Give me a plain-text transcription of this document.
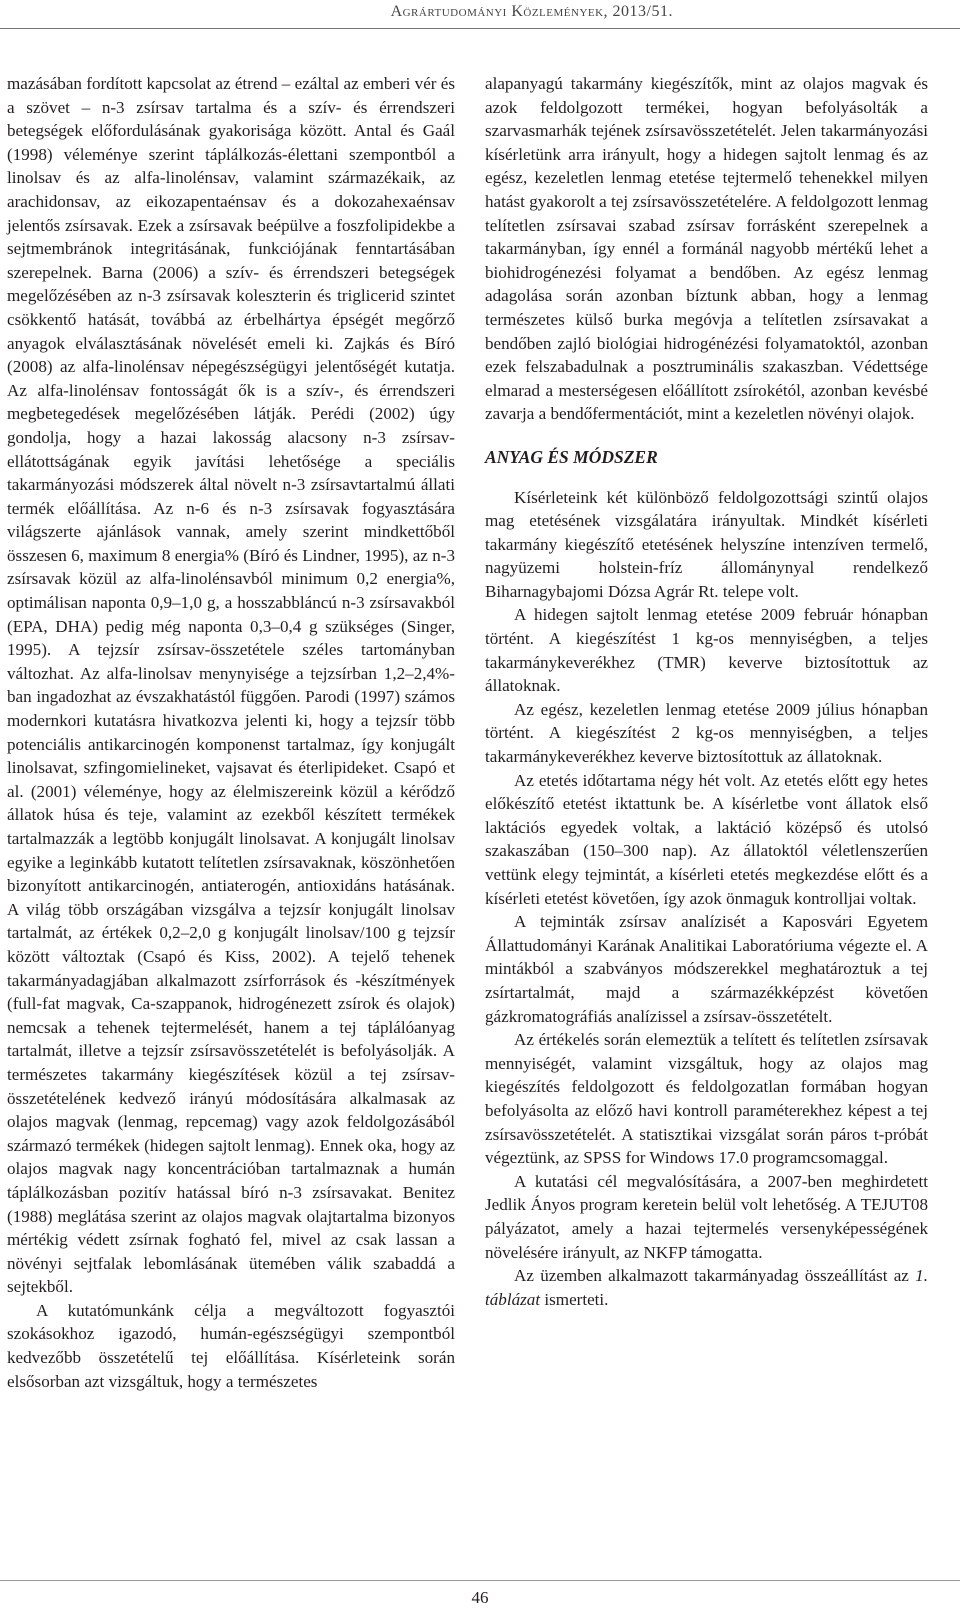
Agrártudományi Közlemények, 2013/51.

mazásában fordított kapcsolat az étrend – ezáltal az emberi vér és a szövet – n-3 zsírsav tartalma és a szív- és érrendszeri betegségek előfordulásának gyakorisága között. Antal és Gaál (1998) véleménye szerint táplálkozás-élettani szempontból a linolsav és az alfa-linolénsav, valamint származékaik, az arachidonsav, az eikozapentaénsav és a dokozahexaénsav jelentős zsírsavak. Ezek a zsírsavak beépülve a foszfolipidekbe a sejtmembránok integritásának, funkciójának fenntartásában szerepelnek. Barna (2006) a szív- és érrendszeri betegségek megelőzésében az n-3 zsírsavak koleszterin és triglicerid szintet csökkentő hatását, továbbá az érbelhártya épségét megőrző anyagok elválasztásának növelését emeli ki. Zajkás és Bíró (2008) az alfa-linolénsav népegészségügyi jelentőségét kutatja. Az alfa-linolénsav fontosságát ők is a szív-, és érrendszeri megbetegedések megelőzésében látják. Perédi (2002) úgy gondolja, hogy a hazai lakosság alacsony n-3 zsírsav-ellátottságának egyik javítási lehetősége a speciális takarmányozási módszerek által növelt n-3 zsírsavtartalmú állati termék előállítása. Az n-6 és n-3 zsírsavak fogyasztására világszerte ajánlások vannak, amely szerint mindkettőből összesen 6, maximum 8 energia% (Bíró és Lindner, 1995), az n-3 zsírsavak közül az alfa-linolénsavból minimum 0,2 energia%, optimálisan naponta 0,9–1,0 g, a hosszabbláncú n-3 zsírsavakból (EPA, DHA) pedig még naponta 0,3–0,4 g szükséges (Singer, 1995). A tejzsír zsírsav-összetétele széles tartományban változhat. Az alfa-linolsav menynyisége a tejzsírban 1,2–2,4%-ban ingadozhat az évszakhatástól függően. Parodi (1997) számos modernkori kutatásra hivatkozva jelenti ki, hogy a tejzsír több potenciális antikarcinogén komponenst tartalmaz, így konjugált linolsavat, szfingomielineket, vajsavat és éterlipideket. Csapó et al. (2001) véleménye, hogy az élelmiszereink közül a kérődző állatok húsa és teje, valamint az ezekből készített termékek tartalmazzák a legtöbb konjugált linolsavat. A konjugált linolsav egyike a leginkább kutatott telítetlen zsírsavaknak, köszönhetően bizonyított antikarcinogén, antiaterogén, antioxidáns hatásának. A világ több országában vizsgálva a tejzsír konjugált linolsav tartalmát, az értékek 0,2–2,0 g konjugált linolsav/100 g tejzsír között változtak (Csapó és Kiss, 2002). A tejelő tehenek takarmányadagjában alkalmazott zsírforrások és -készítmények (full-fat magvak, Ca-szappanok, hidrogénezett zsírok és olajok) nemcsak a tehenek tejtermelését, hanem a tej táplálóanyag tartalmát, illetve a tejzsír zsírsavösszetételét is befolyásolják. A természetes takarmány kiegészítések közül a tej zsírsav-összetételének kedvező irányú módosítására alkalmasak az olajos magvak (lenmag, repcemag) vagy azok feldolgozásából származó termékek (hidegen sajtolt lenmag). Ennek oka, hogy az olajos magvak nagy koncentrációban tartalmaznak a humán táplálkozásban pozitív hatással bíró n-3 zsírsavakat. Benitez (1988) meglátása szerint az olajos magvak olajtartalma bizonyos mértékig védett zsírnak fogható fel, mivel az csak lassan a növényi sejtfalak lebomlásának ütemében válik szabaddá a sejtekből.

A kutatómunkánk célja a megváltozott fogyasztói szokásokhoz igazodó, humán-egészségügyi szempontból kedvezőbb összetételű tej előállítása. Kísérleteink során elsősorban azt vizsgáltuk, hogy a természetes

alapanyagú takarmány kiegészítők, mint az olajos magvak és azok feldolgozott termékei, hogyan befolyásolták a szarvasmarhák tejének zsírsavösszetételét. Jelen takarmányozási kísérletünk arra irányult, hogy a hidegen sajtolt lenmag és az egész, kezeletlen lenmag etetése tejtermelő tehenekkel milyen hatást gyakorolt a tej zsírsavösszetételére. A feldolgozott lenmag telítetlen zsírsavai szabad zsírsav forrásként szerepelnek a takarmányban, így ennél a formánál nagyobb mértékű lehet a biohidrogénezési folyamat a bendőben. Az egész lenmag adagolása során azonban bíztunk abban, hogy a lenmag természetes külső burka megóvja a telítetlen zsírsavakat a bendőben zajló biológiai hidrogénézési folyamatoktól, azonban ezek felszabadulnak a posztruminális szakaszban. Védettsége elmarad a mesterségesen előállított zsírokétól, azonban kevésbé zavarja a bendőfermentációt, mint a kezeletlen növényi olajok.

ANYAG ÉS MÓDSZER

Kísérleteink két különböző feldolgozottsági szintű olajos mag etetésének vizsgálatára irányultak. Mindkét kísérleti takarmány kiegészítő etetésének helyszíne intenzíven termelő, nagyüzemi holstein-fríz állománynyal rendelkező Biharnagybajomi Dózsa Agrár Rt. telepe volt.

A hidegen sajtolt lenmag etetése 2009 február hónapban történt. A kiegészítést 1 kg-os mennyiségben, a teljes takarmánykeverékhez (TMR) keverve biztosítottuk az állatoknak.

Az egész, kezeletlen lenmag etetése 2009 július hónapban történt. A kiegészítést 2 kg-os mennyiségben, a teljes takarmánykeverékhez keverve biztosítottuk az állatoknak.

Az etetés időtartama négy hét volt. Az etetés előtt egy hetes előkészítő etetést iktattunk be. A kísérletbe vont állatok első laktációs egyedek voltak, a laktáció középső és utolsó szakaszában (150–300 nap). Az állatoktól véletlenszerűen vettünk elegy tejmintát, a kísérleti etetés megkezdése előtt és a kísérleti etetést követően, így azok önmaguk kontrolljai voltak.

A tejminták zsírsav analízisét a Kaposvári Egyetem Állattudományi Karának Analitikai Laboratóriuma végezte el. A mintákból a szabványos módszerekkel meghatároztuk a tej zsírtartalmát, majd a származékképzést követően gázkromatográfiás analízissel a zsírsav-összetételt.

Az értékelés során elemeztük a telített és telítetlen zsírsavak mennyiségét, valamint vizsgáltuk, hogy az olajos mag kiegészítés feldolgozott és feldolgozatlan formában hogyan befolyásolta az előző havi kontroll paraméterekhez képest a tej zsírsavösszetételét. A statisztikai vizsgálat során páros t-próbát végeztünk, az SPSS for Windows 17.0 programcsomaggal.

A kutatási cél megvalósítására, a 2007-ben meghirdetett Jedlik Ányos program keretein belül volt lehetőség. A TEJUT08 pályázatot, amely a hazai tejtermelés versenyképességének növelésére irányult, az NKFP támogatta.

Az üzemben alkalmazott takarmányadag összeállítást az 1. táblázat ismerteti.

46
